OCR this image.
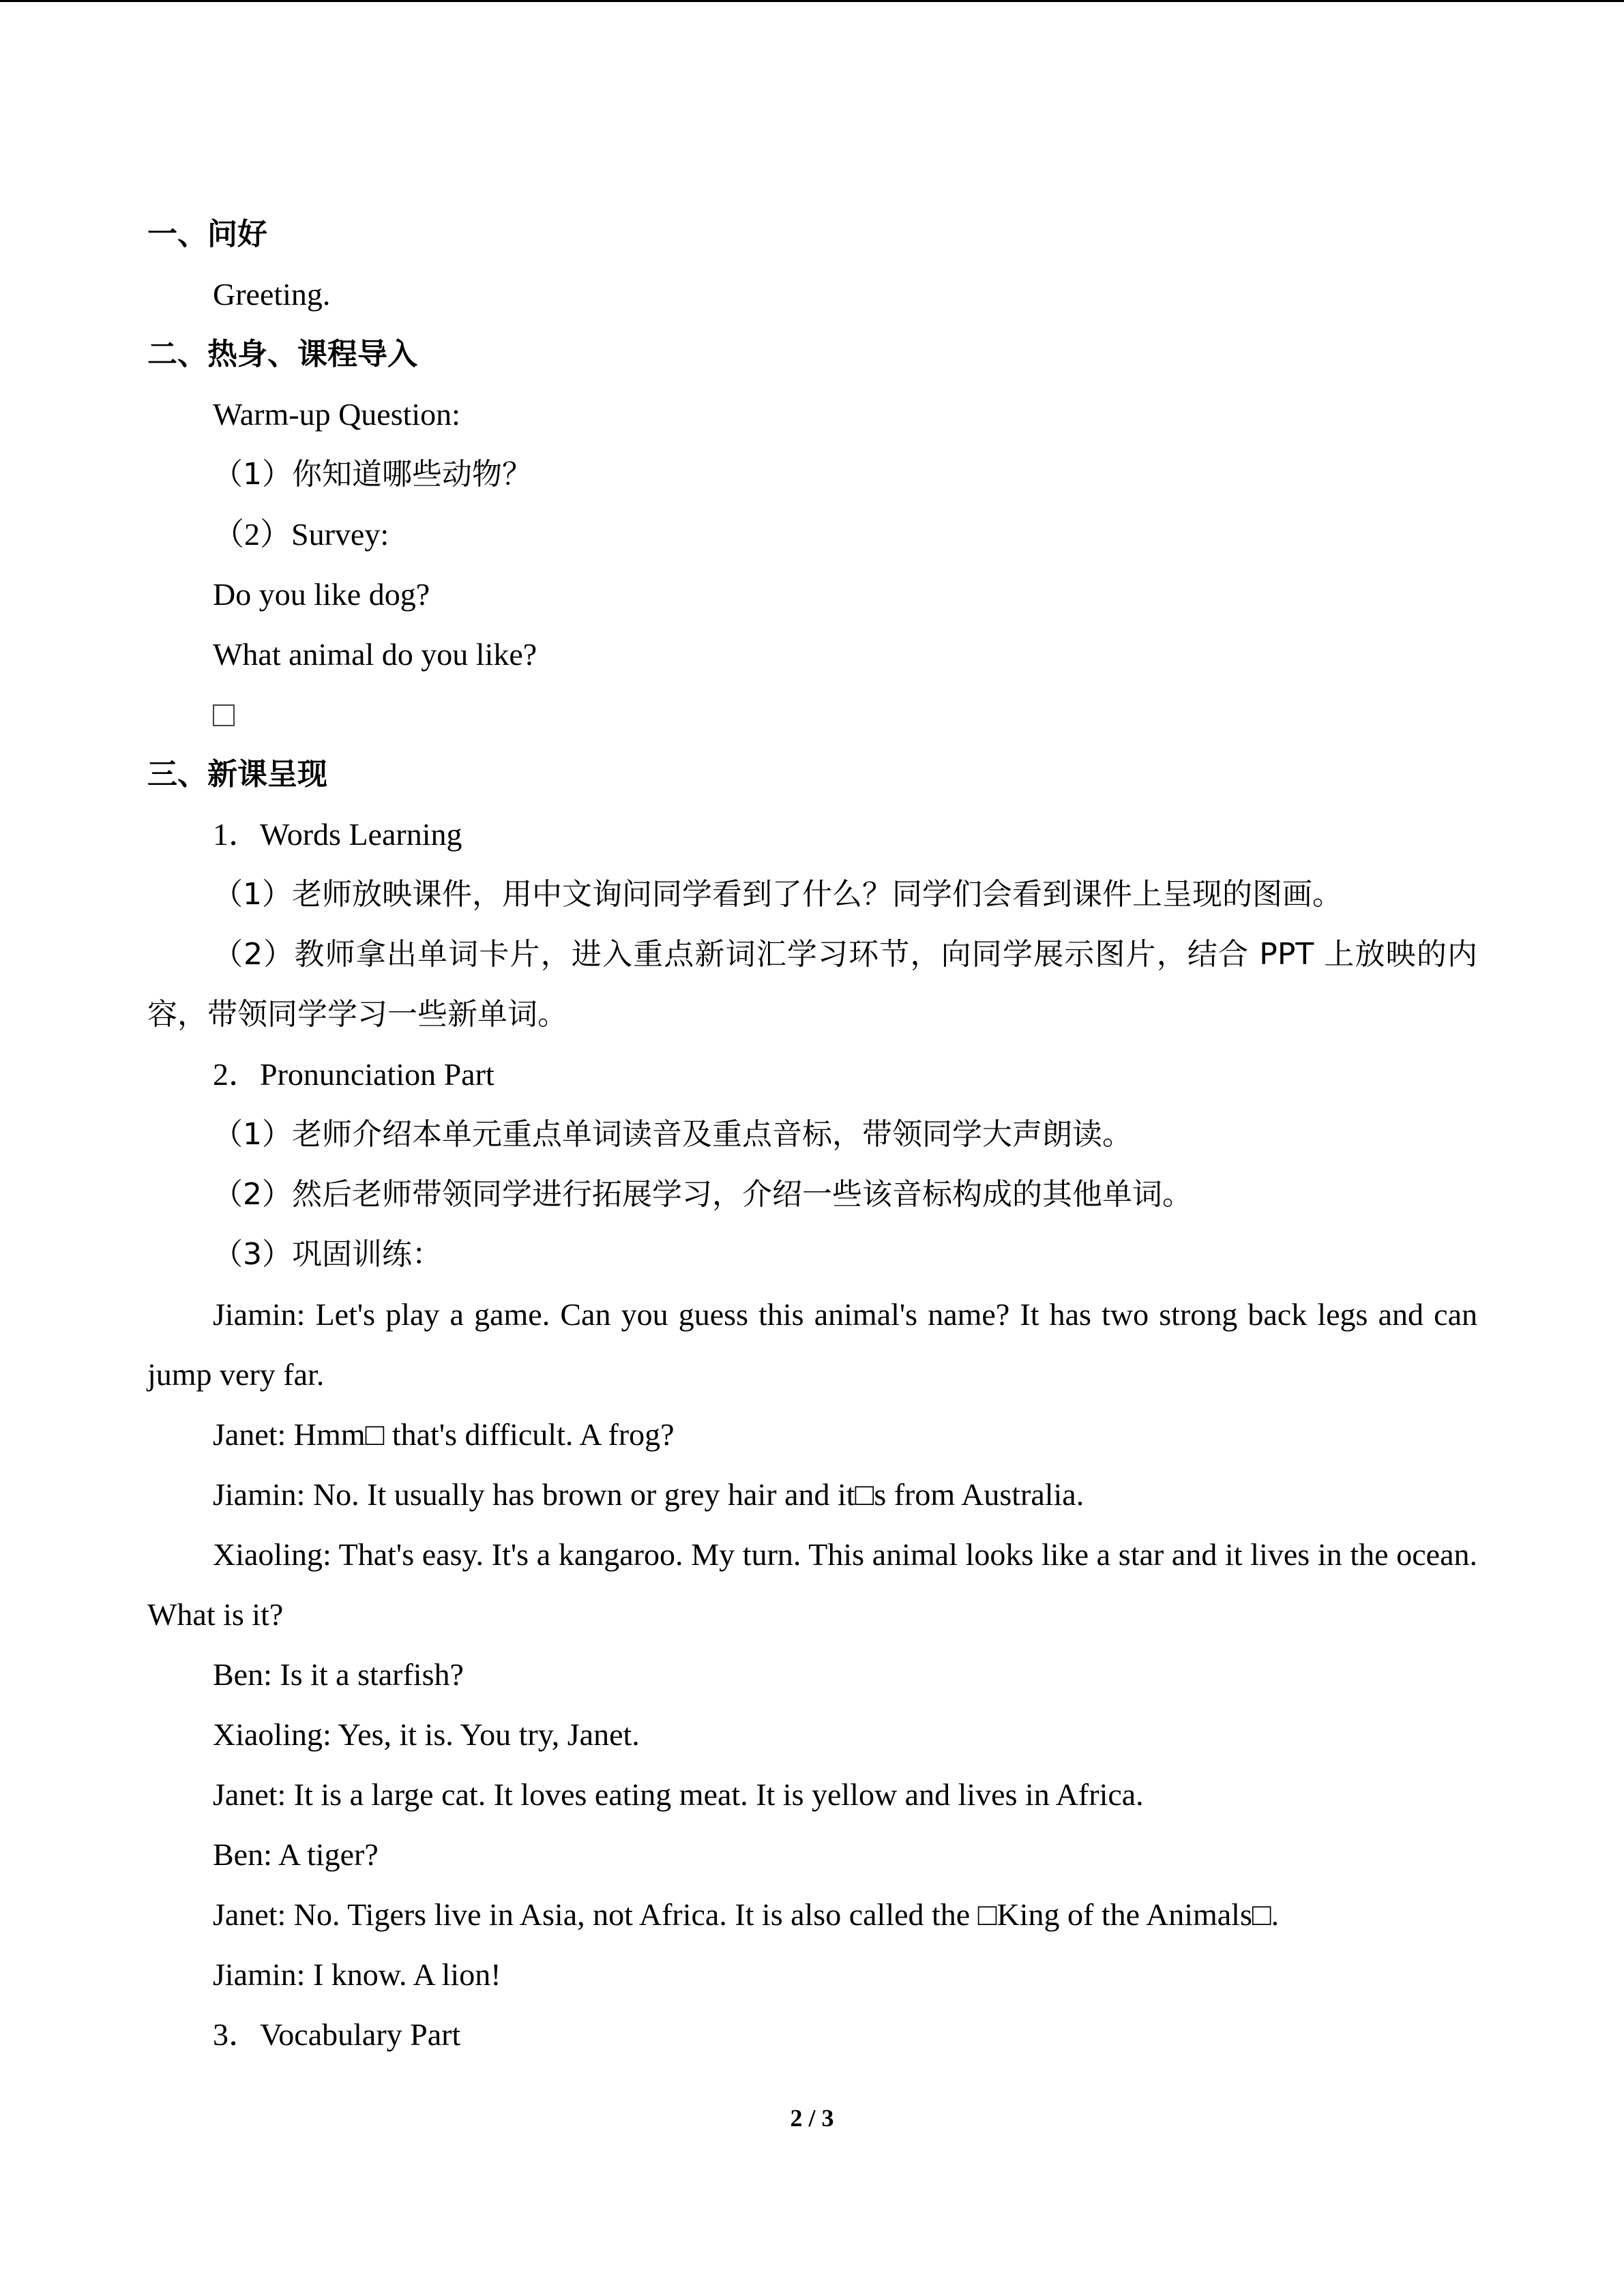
一、问好
Greeting.
二、热身、课程导入
Warm-up Question:
（1）你知道哪些动物？
（2）Survey:
Do you like dog?
What animal do you like?
三、新课呈现
1．Words Learning
（1）老师放映课件，用中文询问同学看到了什么？同学们会看到课件上呈现的图画。
（2）教师拿出单词卡片，进入重点新词汇学习环节，向同学展示图片，结合 PPT 上放映的内容，带领同学学习一些新单词。
2．Pronunciation Part
（1）老师介绍本单元重点单词读音及重点音标，带领同学大声朗读。
（2）然后老师带领同学进行拓展学习，介绍一些该音标构成的其他单词。
（3）巩固训练：
Jiamin: Let's play a game. Can you guess this animal's name? It has two strong back legs and can jump very far.
Janet: Hmm□ that's difficult. A frog?
Jiamin: No. It usually has brown or grey hair and it□s from Australia.
Xiaoling: That's easy. It's a kangaroo. My turn. This animal looks like a star and it lives in the ocean. What is it?
Ben: Is it a starfish?
Xiaoling: Yes, it is. You try, Janet.
Janet: It is a large cat. It loves eating meat. It is yellow and lives in Africa.
Ben: A tiger?
Janet: No. Tigers live in Asia, not Africa. It is also called the □King of the Animals□.
Jiamin: I know. A lion!
3．Vocabulary Part
2 / 3
